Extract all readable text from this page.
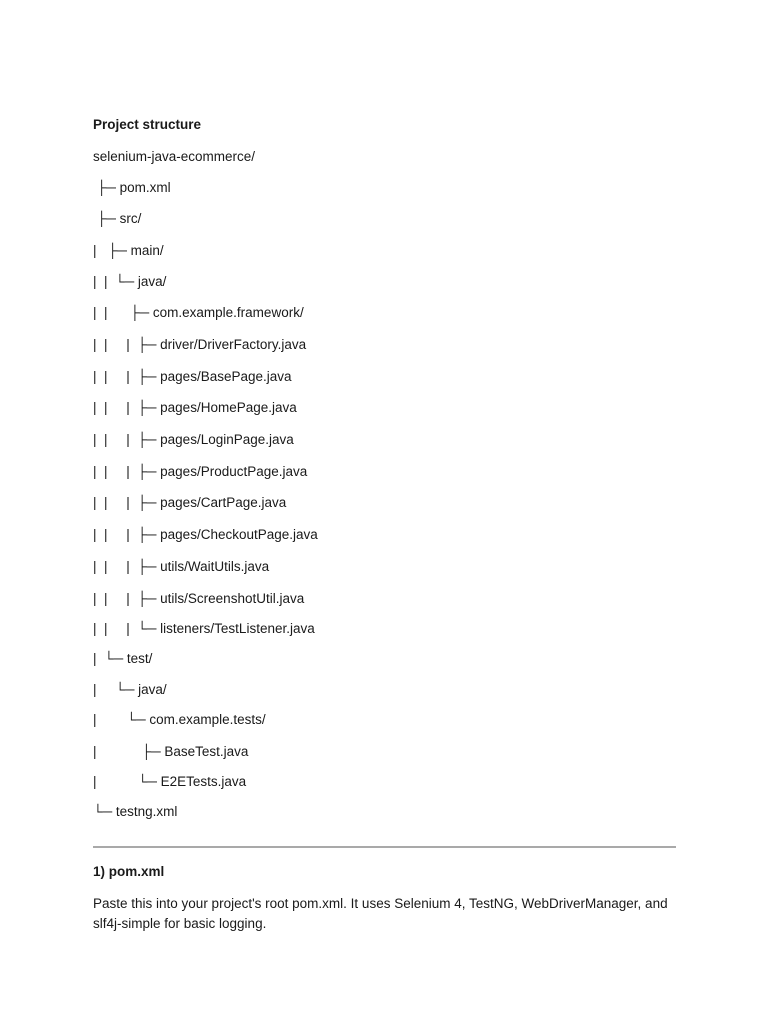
Project structure
selenium-java-ecommerce/
├─ pom.xml
├─ src/
|   ├─ main/
|  |  └─ java/
|  |      ├─ com.example.framework/
|  |     |  ├─ driver/DriverFactory.java
|  |     |  ├─ pages/BasePage.java
|  |     |  ├─ pages/HomePage.java
|  |     |  ├─ pages/LoginPage.java
|  |     |  ├─ pages/ProductPage.java
|  |     |  ├─ pages/CartPage.java
|  |     |  ├─ pages/CheckoutPage.java
|  |     |  ├─ utils/WaitUtils.java
|  |     |  ├─ utils/ScreenshotUtil.java
|  |     |  └─ listeners/TestListener.java
|  └─ test/
|     └─ java/
|        └─ com.example.tests/
|            ├─ BaseTest.java
|           └─ E2ETests.java
└─ testng.xml
1) pom.xml
Paste this into your project's root pom.xml. It uses Selenium 4, TestNG, WebDriverManager, and slf4j-simple for basic logging.
